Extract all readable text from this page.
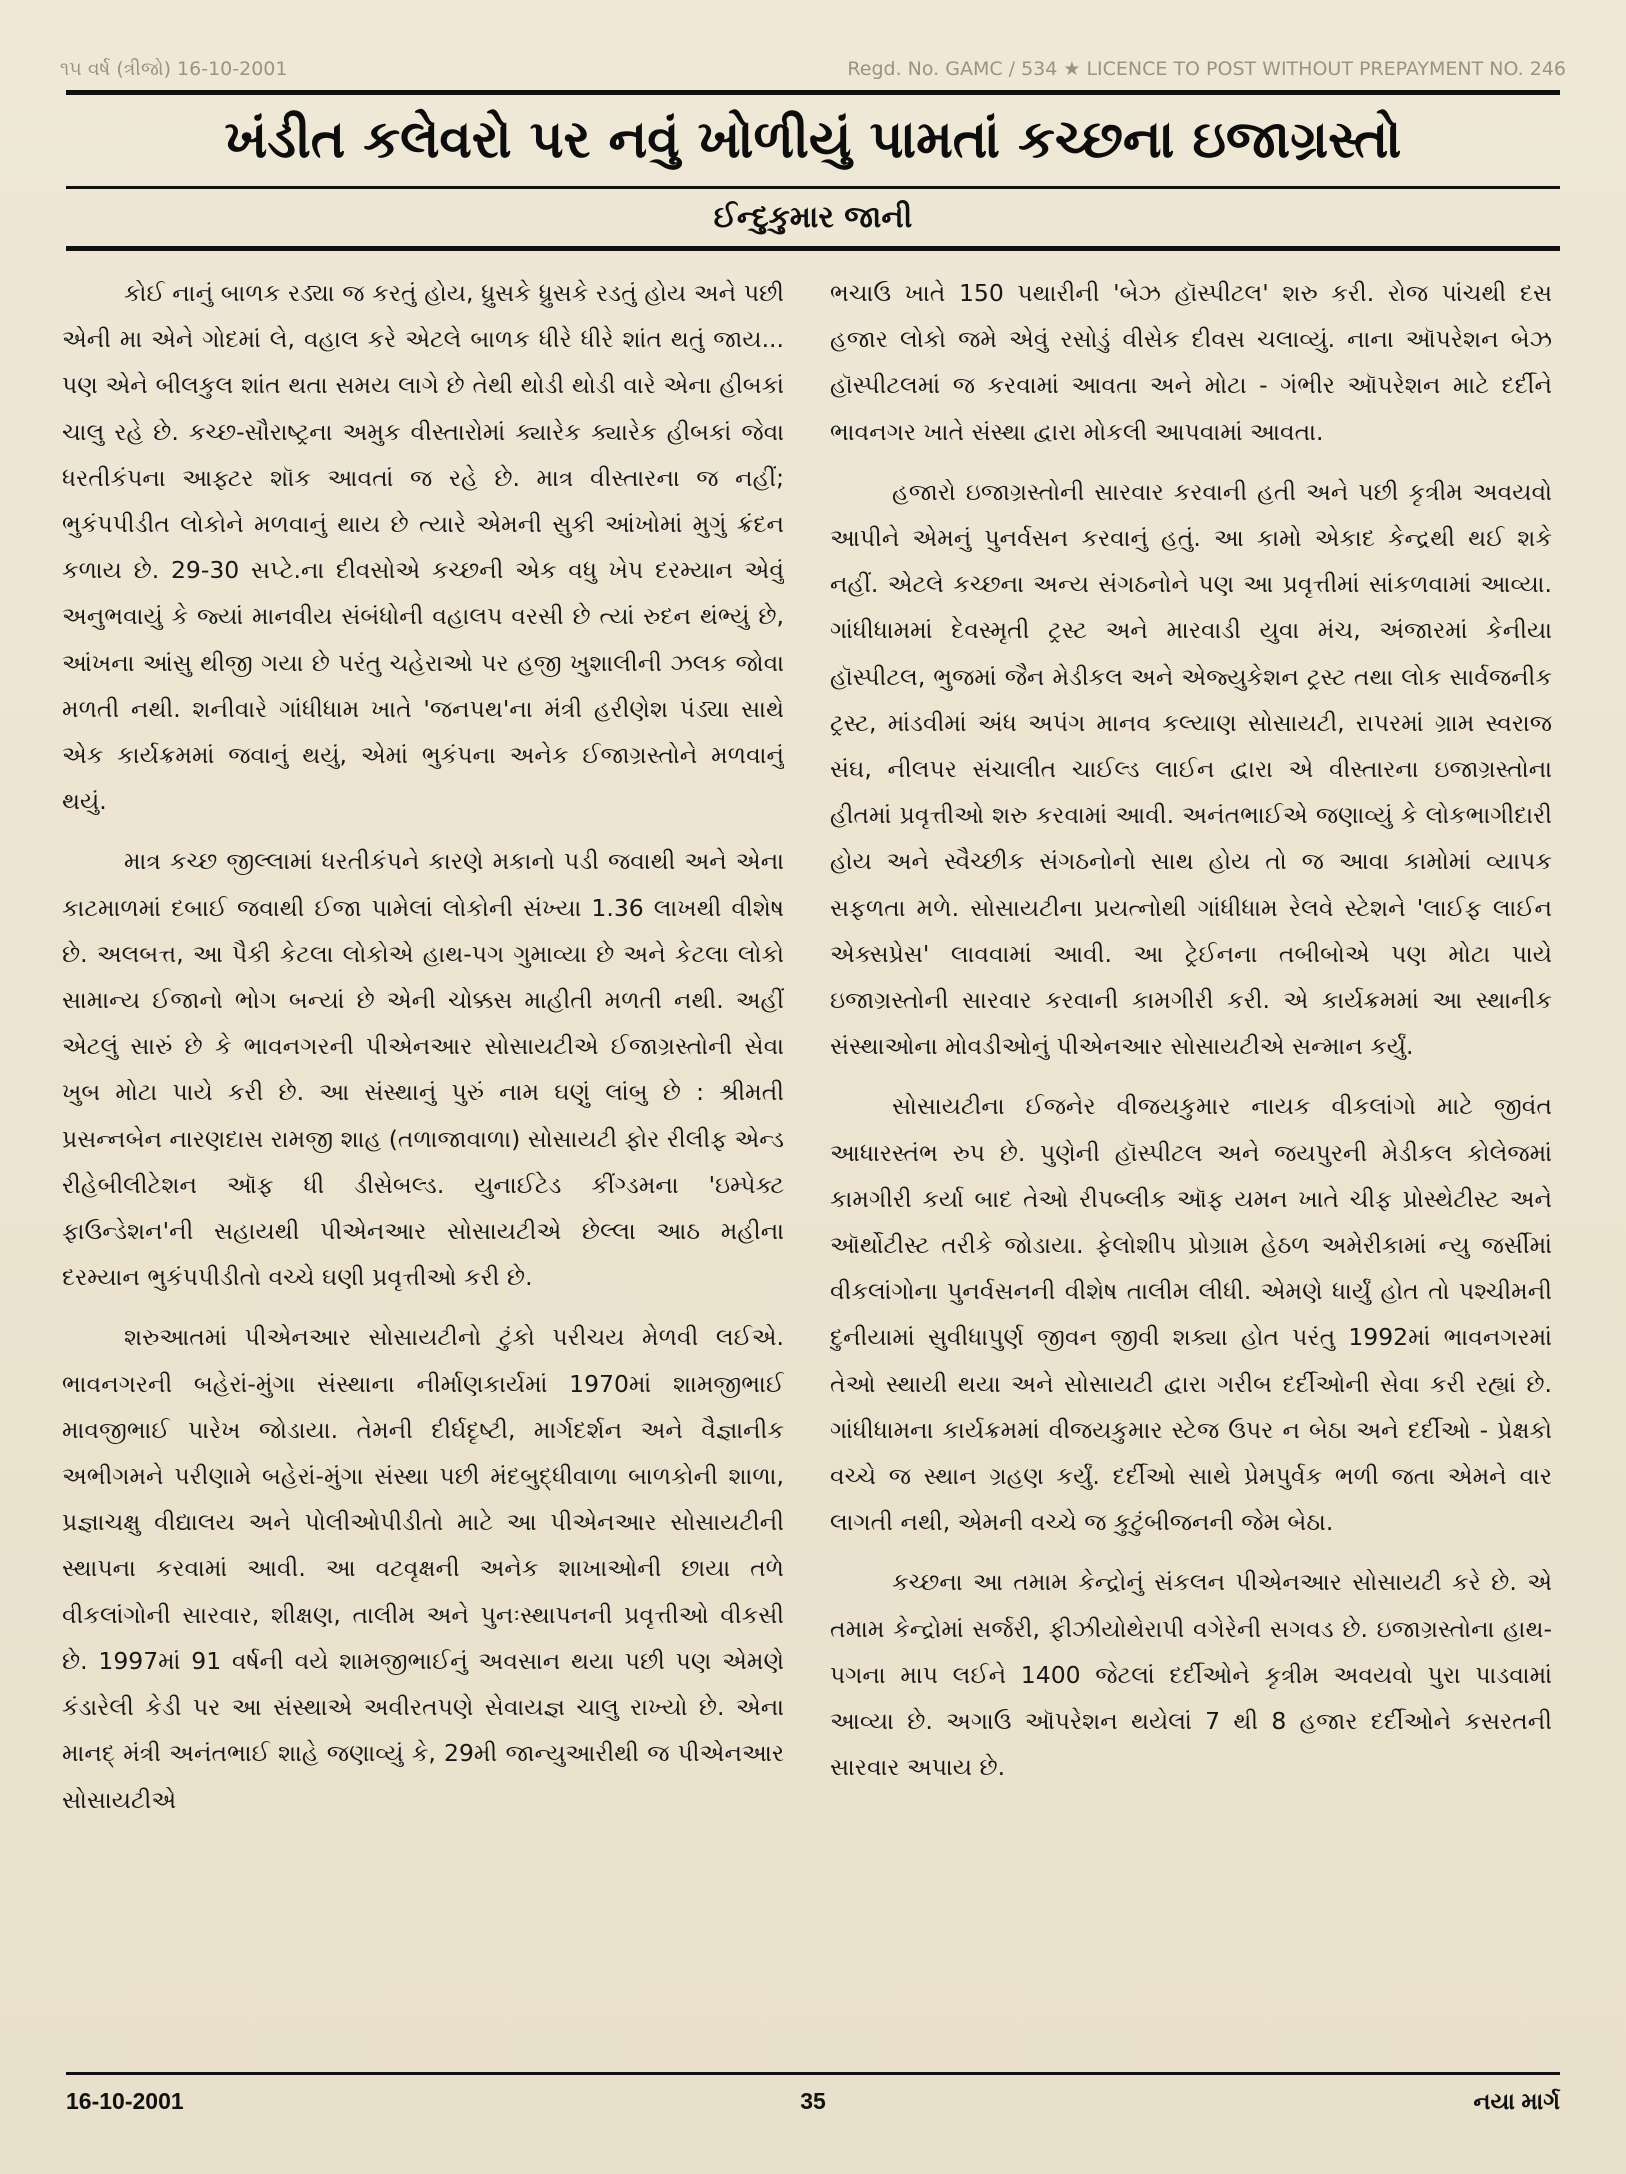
૧૫ વર્ષ (ત્રીજો) 16-10-2001	Regd. No. GAMC / 534 ★ LICENCE TO POST WITHOUT PREPAYMENT NO. 246
ખંડીત કલેવરો પર નવું ખોળીયું પામતાં કચ્છના ઇજાગ્રસ્તો
ઈન્દુકુમાર જાની

કોઈ નાનું બાળક રડ્યા જ કરતું હોય, ધ્રુસકે ધ્રુસકે રડતું હોય અને પછી એની મા એને ગોદમાં લે, વહાલ કરે એટલે બાળક ધીરે ધીરે શાંત થતું જાય... પણ એને બીલકુલ શાંત થતા સમય લાગે છે તેથી થોડી થોડી વારે એના હીબકાં ચાલુ રહે છે. કચ્છ-સૌરાષ્ટ્રના અમુક વીસ્તારોમાં ક્યારેક ક્યારેક હીબકાં જેવા ધરતીકંપના આફ્ટર શૉક આવતાં જ રહે છે. માત્ર વીસ્તારના જ નહીં; ભુકંપપીડીત લોકોને મળવાનું થાય છે ત્યારે એમની સુકી આંખોમાં મુગું ક્રંદન કળાય છે. 29-30 સપ્ટે.ના દીવસોએ કચ્છની એક વધુ ખેપ દરમ્યાન એવું અનુભવાયું કે જ્યાં માનવીય સંબંધોની વહાલપ વરસી છે ત્યાં રુદન થંભ્યું છે, આંખના આંસુ થીજી ગયા છે પરંતુ ચહેરાઓ પર હજી ખુશાલીની ઝલક જોવા મળતી નથી. શનીવારે ગાંધીધામ ખાતે 'જનપથ'ના મંત્રી હરીણેશ પંડ્યા સાથે એક કાર્યક્રમમાં જવાનું થયું, એમાં ભુકંપના અનેક ઈજાગ્રસ્તોને મળવાનું થયું.

માત્ર કચ્છ જીલ્લામાં ધરતીકંપને કારણે મકાનો પડી જવાથી અને એના કાટમાળમાં દબાઈ જવાથી ઈજા પામેલાં લોકોની સંખ્યા 1.36 લાખથી વીશેષ છે. અલબત્ત, આ પૈકી કેટલા લોકોએ હાથ-પગ ગુમાવ્યા છે અને કેટલા લોકો સામાન્ય ઈજાનો ભોગ બન્યાં છે એની ચોક્કસ માહીતી મળતી નથી. અહીં એટલું સારું છે કે ભાવનગરની પીએનઆર સોસાયટીએ ઈજાગ્રસ્તોની સેવા ખુબ મોટા પાયે કરી છે. આ સંસ્થાનું પુરું નામ ઘણું લાંબુ છે : શ્રીમતી પ્રસન્નબેન નારણદાસ રામજી શાહ (તળાજાવાળા) સોસાયટી ફોર રીલીફ એન્ડ રીહેબીલીટેશન ઑફ ધી ડીસેબલ્ડ. યુનાઈટેડ કીંગ્ડમના 'ઇમ્પેક્ટ ફાઉન્ડેશન'ની સહાયથી પીએનઆર સોસાયટીએ છેલ્લા આઠ મહીના દરમ્યાન ભુકંપપીડીતો વચ્ચે ઘણી પ્રવૃત્તીઓ કરી છે.

શરુઆતમાં પીએનઆર સોસાયટીનો ટુંકો પરીચય મેળવી લઈએ. ભાવનગરની બહેરાં-મુંગા સંસ્થાના નીર્માણકાર્યમાં 1970માં શામજીભાઈ માવજીભાઈ પારેખ જોડાયા. તેમની દીર્ઘદૃષ્ટી, માર્ગદર્શન અને વૈજ્ઞાનીક અભીગમને પરીણામે બહેરાં-મુંગા સંસ્થા પછી મંદબુદ્ધીવાળા બાળકોની શાળા, પ્રજ્ઞાચક્ષુ વીદ્યાલય અને પોલીઓપીડીતો માટે આ પીએનઆર સોસાયટીની સ્થાપના કરવામાં આવી. આ વટવૃક્ષની અનેક શાખાઓની છાયા તળે વીકલાંગોની સારવાર, શીક્ષણ, તાલીમ અને પુનઃસ્થાપનની પ્રવૃત્તીઓ વીકસી છે. 1997માં 91 વર્ષની વયે શામજીભાઈનું અવસાન થયા પછી પણ એમણે કંડારેલી કેડી પર આ સંસ્થાએ અવીરતપણે સેવાયજ્ઞ ચાલુ રાખ્યો છે. એના માનદ્ મંત્રી અનંતભાઈ શાહે જણાવ્યું કે, 29મી જાન્યુઆરીથી જ પીએનઆર સોસાયટીએ

ભચાઉ ખાતે 150 પથારીની 'બેઝ હૉસ્પીટલ' શરુ કરી. રોજ પાંચથી દસ હજાર લોકો જમે એવું રસોડું વીસેક દીવસ ચલાવ્યું. નાના ઑપરેશન બેઝ હૉસ્પીટલમાં જ કરવામાં આવતા અને મોટા - ગંભીર ઑપરેશન માટે દર્દીને ભાવનગર ખાતે સંસ્થા દ્વારા મોકલી આપવામાં આવતા.

હજારો ઇજાગ્રસ્તોની સારવાર કરવાની હતી અને પછી કૃત્રીમ અવયવો આપીને એમનું પુનર્વસન કરવાનું હતું. આ કામો એકાદ કેન્દ્રથી થઈ શકે નહીં. એટલે કચ્છના અન્ય સંગઠનોને પણ આ પ્રવૃત્તીમાં સાંકળવામાં આવ્યા. ગાંધીધામમાં દેવસ્મૃતી ટ્રસ્ટ અને મારવાડી યુવા મંચ, અંજારમાં કેનીયા હૉસ્પીટલ, ભુજમાં જૈન મેડીકલ અને એજ્યુકેશન ટ્રસ્ટ તથા લોક સાર્વજનીક ટ્રસ્ટ, માંડવીમાં અંધ અપંગ માનવ કલ્યાણ સોસાયટી, રાપરમાં ગ્રામ સ્વરાજ સંઘ, નીલપર સંચાલીત ચાઈલ્ડ લાઈન દ્વારા એ વીસ્તારના ઇજાગ્રસ્તોના હીતમાં પ્રવૃત્તીઓ શરુ કરવામાં આવી. અનંતભાઈએ જણાવ્યું કે લોકભાગીદારી હોય અને સ્વૈચ્છીક સંગઠનોનો સાથ હોય તો જ આવા કામોમાં વ્યાપક સફળતા મળે. સોસાયટીના પ્રયત્નોથી ગાંધીધામ રેલવે સ્ટેશને 'લાઈફ લાઈન એક્સપ્રેસ' લાવવામાં આવી. આ ટ્રેઈનના તબીબોએ પણ મોટા પાયે ઇજાગ્રસ્તોની સારવાર કરવાની કામગીરી કરી. એ કાર્યક્રમમાં આ સ્થાનીક સંસ્થાઓના મોવડીઓનું પીએનઆર સોસાયટીએ સન્માન કર્યું.

સોસાયટીના ઈજનેર વીજયકુમાર નાયક વીકલાંગો માટે જીવંત આધારસ્તંભ રુપ છે. પુણેની હૉસ્પીટલ અને જયપુરની મેડીકલ કોલેજમાં કામગીરી કર્યા બાદ તેઓ રીપબ્લીક ઑફ યમન ખાતે ચીફ પ્રોસ્થેટીસ્ટ અને ઑર્થોટીસ્ટ તરીકે જોડાયા. ફેલોશીપ પ્રોગ્રામ હેઠળ અમેરીકામાં ન્યુ જર્સીમાં વીકલાંગોના પુનર્વસનની વીશેષ તાલીમ લીધી. એમણે ધાર્યું હોત તો પશ્ચીમની દુનીયામાં સુવીધાપુર્ણ જીવન જીવી શક્યા હોત પરંતુ 1992માં ભાવનગરમાં તેઓ સ્થાયી થયા અને સોસાયટી દ્વારા ગરીબ દર્દીઓની સેવા કરી રહ્યાં છે. ગાંધીધામના કાર્યક્રમમાં વીજયકુમાર સ્ટેજ ઉપર ન બેઠા અને દર્દીઓ - પ્રેક્ષકો વચ્ચે જ સ્થાન ગ્રહણ કર્યું. દર્દીઓ સાથે પ્રેમપુર્વક ભળી જતા એમને વાર લાગતી નથી, એમની વચ્ચે જ કુટુંબીજનની જેમ બેઠા.

કચ્છના આ તમામ કેન્દ્રોનું સંકલન પીએનઆર સોસાયટી કરે છે. એ તમામ કેન્દ્રોમાં સર્જરી, ફીઝીયોથેરાપી વગેરેની સગવડ છે. ઇજાગ્રસ્તોના હાથ-પગના માપ લઈને 1400 જેટલાં દર્દીઓને કૃત્રીમ અવયવો પુરા પાડવામાં આવ્યા છે. અગાઉ ઑપરેશન થયેલાં 7 થી 8 હજાર દર્દીઓને કસરતની સારવાર અપાય છે.

16-10-2001	35	નયા માર્ગ
